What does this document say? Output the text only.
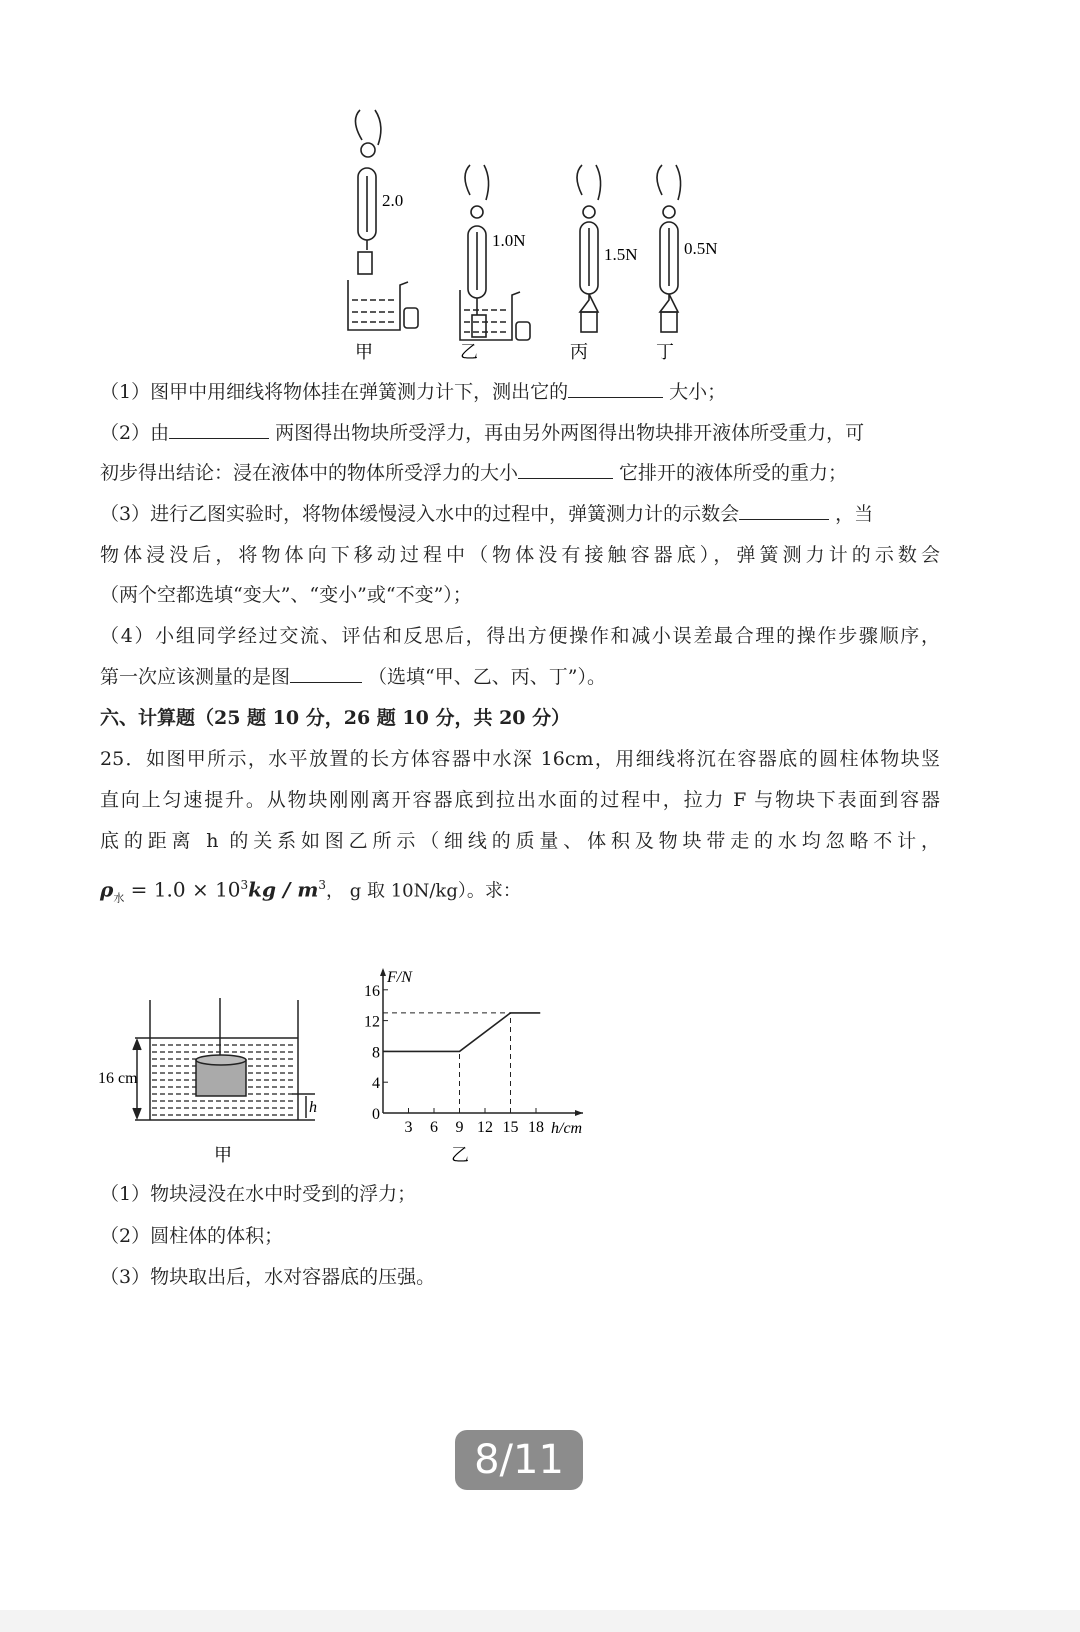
2.0
1.0N
1.5N	0.5N
甲	乙	丙	丁
（1）图甲中用细线将物体挂在弹簧测力计下，测出它的	大小；
（2）由	两图得出物块所受浮力，再由另外两图得出物块排开液体所受重力，可
初步得出结论：浸在液体中的物体所受浮力的大小	它排开的液体所受的重力；
（3）进行乙图实验时，将物体缓慢浸入水中的过程中，弹簧测力计的示数会	，当
物体浸没后，将物体向下移动过程中（物体没有接触容器底），弹簧测力计的示数会
（两个空都选填“变大”、“变小”或“不变”）；
（4）小组同学经过交流、评估和反思后，得出方便操作和减小误差最合理的操作步骤顺序，
第一次应该测量的是图	（选填“甲、乙、丙、丁”）。
六、计算题（25 题 10 分，26 题 10 分，共 20 分）
25．如图甲所示，水平放置的长方体容器中水深 16cm，用细线将沉在容器底的圆柱体物块竖
直向上匀速提升。从物块刚刚离开容器底到拉出水面的过程中，拉力 F 与物块下表面到容器
底的距离 h 的关系如图乙所示（细线的质量、体积及物块带走的水均忽略不计，
$\rho_水 = 1.0 \times 10^3kg / m^3$， g 取 10N/kg）。求：
16 cm
h
甲
3 6 9 12 15 18
0
4
8
12
16
F/N
h/cm
乙
（1）物块浸没在水中时受到的浮力；
（2）圆柱体的体积；
（3）物块取出后，水对容器底的压强。
8/11
